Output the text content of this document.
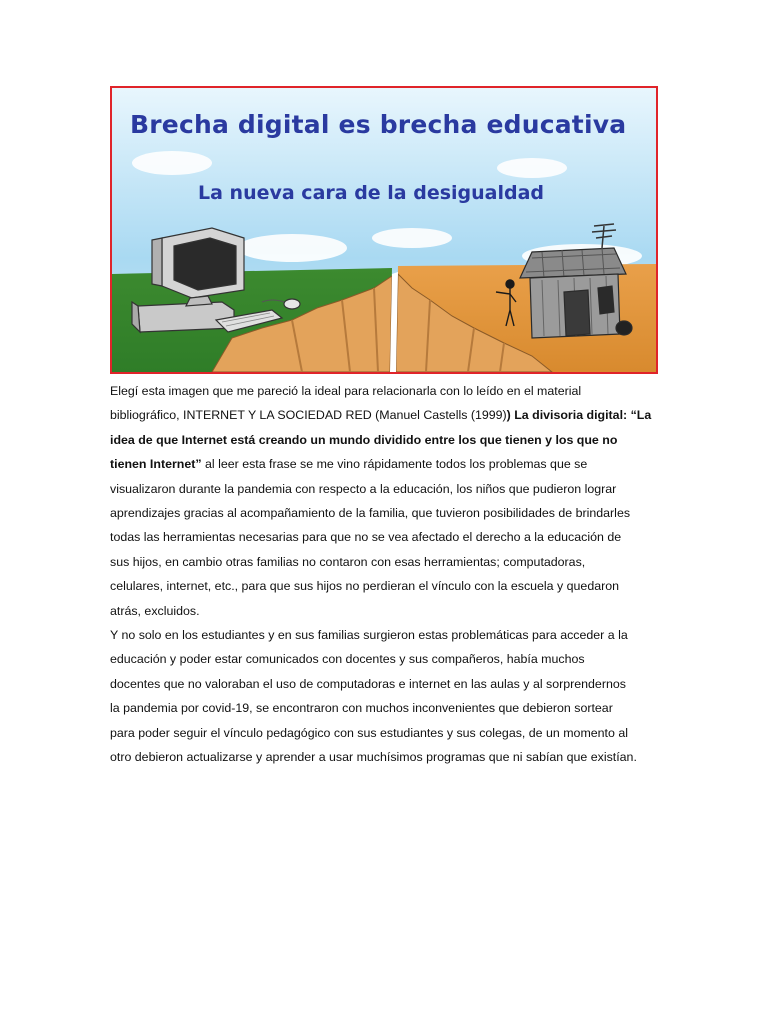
Brecha digital es brecha educativa
La nueva cara de la desigualdad

Elegí esta imagen que me pareció la ideal para relacionarla con lo leído en el material
bibliográfico, INTERNET Y LA SOCIEDAD RED (Manuel Castells (1999)) La divisoria digital: “La
idea de que Internet está creando un mundo dividido entre los que tienen y los que no
tienen Internet” al leer esta frase se me vino rápidamente todos los problemas que se
visualizaron durante la pandemia con respecto a la educación, los niños que pudieron lograr
aprendizajes gracias al acompañamiento de la familia, que tuvieron posibilidades de brindarles
todas las herramientas necesarias para que no se vea afectado el derecho a la educación de
sus hijos, en cambio otras familias no contaron con esas herramientas; computadoras,
celulares, internet, etc., para que sus hijos no perdieran el vínculo con la escuela y quedaron
atrás, excluidos.

Y no solo en los estudiantes y en sus familias surgieron estas problemáticas para acceder a la
educación y poder estar comunicados con docentes y sus compañeros, había muchos
docentes que no valoraban el uso de computadoras e internet en las aulas y al sorprendernos
la pandemia por covid-19, se encontraron con muchos inconvenientes que debieron sortear
para poder seguir el vínculo pedagógico con sus estudiantes y sus colegas, de un momento al
otro debieron actualizarse y aprender a usar muchísimos programas que ni sabían que existían.
